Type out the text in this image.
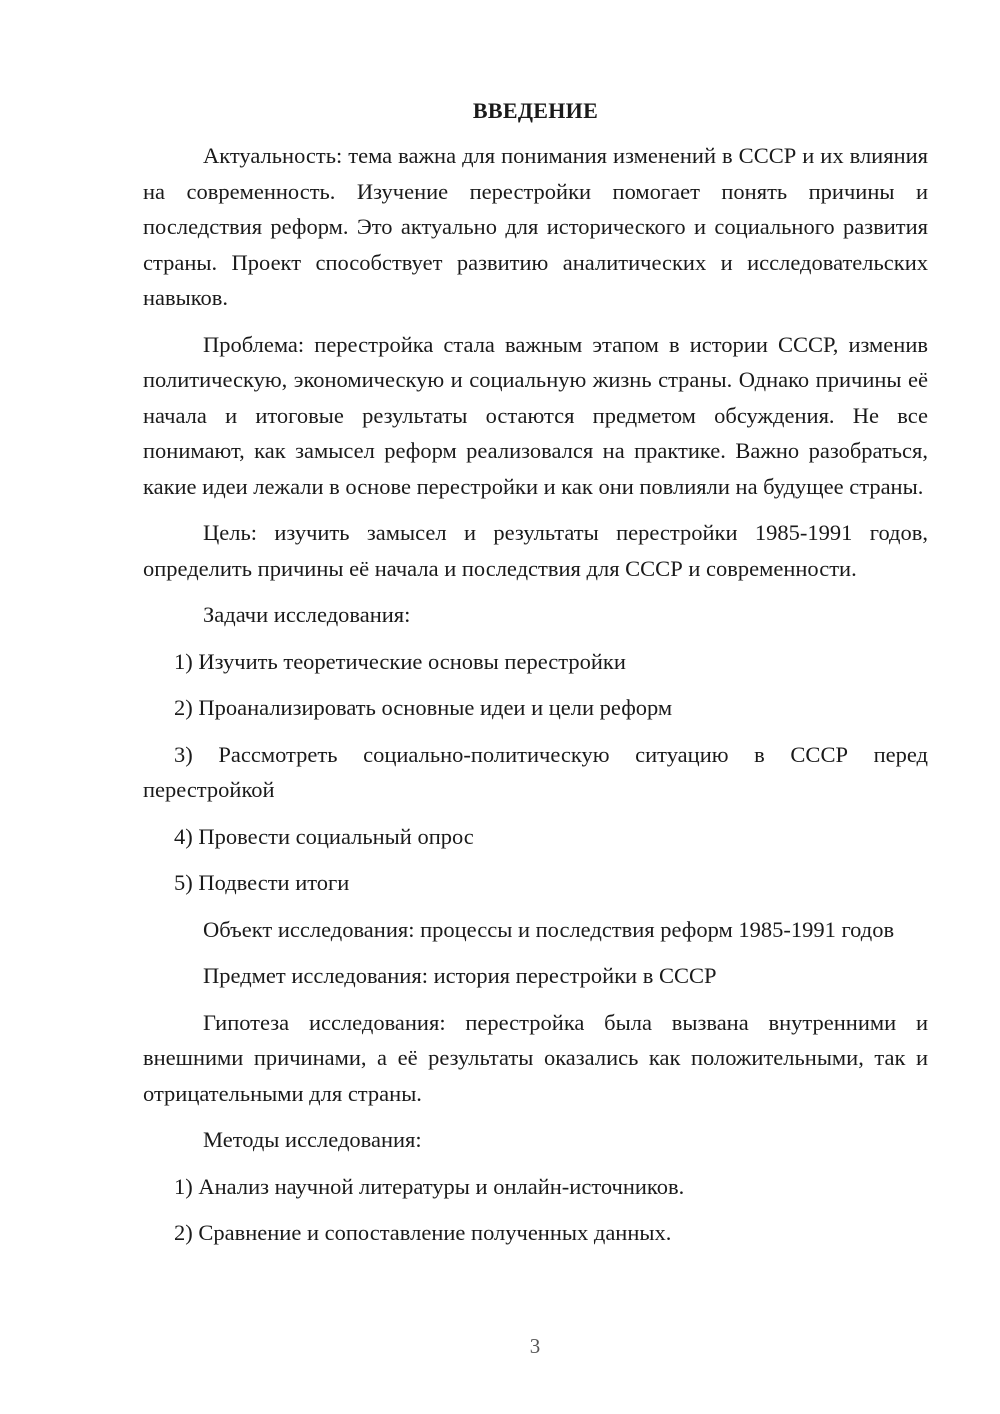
ВВЕДЕНИЕ

Актуальность: тема важна для понимания изменений в СССР и их влияния на современность. Изучение перестройки помогает понять причины и последствия реформ. Это актуально для исторического и социального развития страны. Проект способствует развитию аналитических и исследовательских навыков.

Проблема: перестройка стала важным этапом в истории СССР, изменив политическую, экономическую и социальную жизнь страны. Однако причины её начала и итоговые результаты остаются предметом обсуждения. Не все понимают, как замысел реформ реализовался на практике. Важно разобраться, какие идеи лежали в основе перестройки и как они повлияли на будущее страны.

Цель: изучить замысел и результаты перестройки 1985-1991 годов, определить причины её начала и последствия для СССР и современности.

Задачи исследования:

1) Изучить теоретические основы перестройки

2) Проанализировать основные идеи и цели реформ

3) Рассмотреть социально-политическую ситуацию в СССР перед перестройкой

4) Провести социальный опрос

5) Подвести итоги

Объект исследования: процессы и последствия реформ 1985-1991 годов

Предмет исследования: история перестройки в СССР

Гипотеза исследования: перестройка была вызвана внутренними и внешними причинами, а её результаты оказались как положительными, так и отрицательными для страны.

Методы исследования:

1) Анализ научной литературы и онлайн-источников.

2) Сравнение и сопоставление полученных данных.

3
